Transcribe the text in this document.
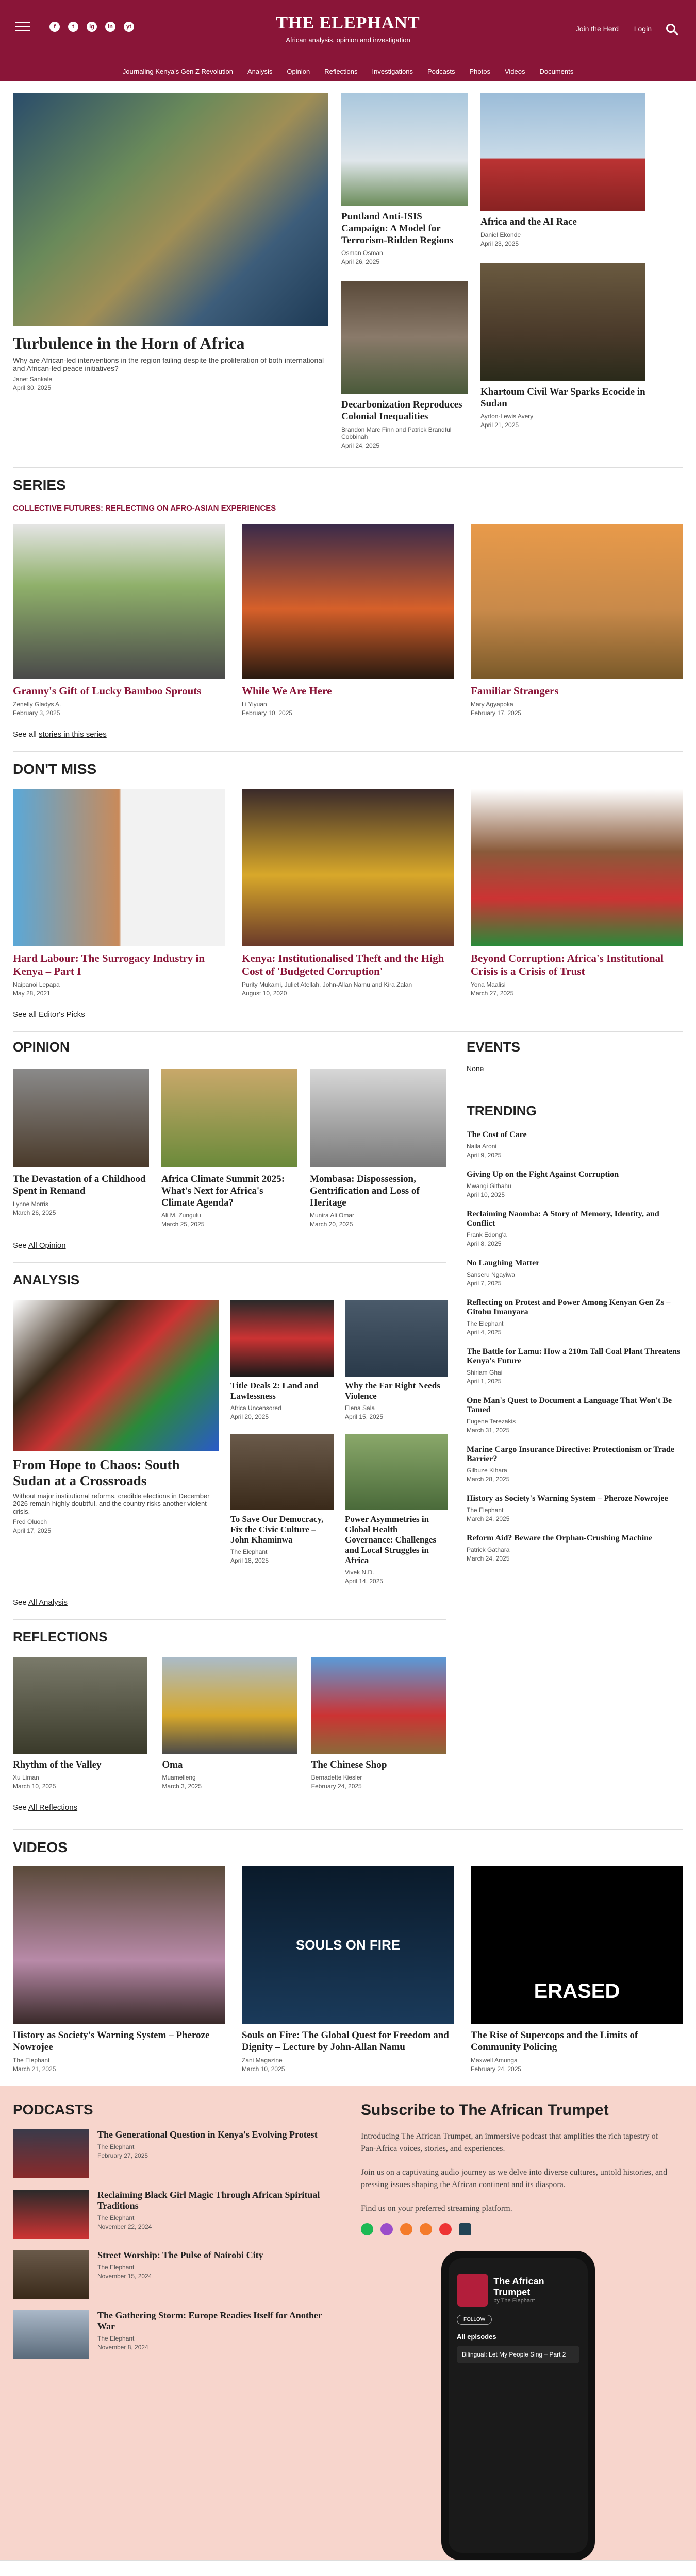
f	t	ig	in	yt	THE ELEPHANT
African analysis, opinion and investigation
Join the Herd Login
Journaling Kenya's Gen Z Revolution Analysis Opinion Reflections Investigations Podcasts Photos Videos Documents
Turbulence in the Horn of Africa
Why are African-led interventions in the region failing despite the proliferation of both international and African-led peace initiatives?
Janet Sankale
April 30, 2025
Puntland Anti-ISIS Campaign: A Model for Terrorism-Ridden Regions
Osman Osman
April 26, 2025
Decarbonization Reproduces Colonial Inequalities
Brandon Marc Finn and Patrick Brandful Cobbinah
April 24, 2025
Africa and the AI Race
Daniel Ekonde
April 23, 2025
Khartoum Civil War Sparks Ecocide in Sudan
Ayrton-Lewis Avery
April 21, 2025
SERIES
COLLECTIVE FUTURES: REFLECTING ON AFRO-ASIAN EXPERIENCES
Granny's Gift of Lucky Bamboo Sprouts
Zenelly Gladys A.
February 3, 2025
While We Are Here
Li Yiyuan
February 10, 2025
Familiar Strangers
Mary Agyapoka
February 17, 2025
See all stories in this series
DON'T MISS
Hard Labour: The Surrogacy Industry in Kenya – Part I
Naipanoi Lepapa
May 28, 2021
Kenya: Institutionalised Theft and the High Cost of 'Budgeted Corruption'
Purity Mukami, Juliet Atellah, John-Allan Namu and Kira Zalan
August 10, 2020
Beyond Corruption: Africa's Institutional Crisis is a Crisis of Trust
Yona Maalisi
March 27, 2025
See all Editor's Picks
OPINION
The Devastation of a Childhood Spent in Remand
Lynne Morris
March 26, 2025
Africa Climate Summit 2025: What's Next for Africa's Climate Agenda?
Ali M. Zungulu
March 25, 2025
Mombasa: Dispossession, Gentrification and Loss of Heritage
Munira Ali Omar
March 20, 2025
See All Opinion
ANALYSIS
From Hope to Chaos: South Sudan at a Crossroads
Without major institutional reforms, credible elections in December 2026 remain highly doubtful, and the country risks another violent crisis.
Fred Oluoch
April 17, 2025
Title Deals 2: Land and Lawlessness
Africa Uncensored
April 20, 2025
To Save Our Democracy, Fix the Civic Culture – John Khaminwa
The Elephant
April 18, 2025
Why the Far Right Needs Violence
Elena Sala
April 15, 2025
Power Asymmetries in Global Health Governance: Challenges and Local Struggles in Africa
Vivek N.D.
April 14, 2025
See All Analysis
REFLECTIONS
Rhythm of the Valley
Xu Liman
March 10, 2025
Oma
Muamelleng
March 3, 2025
The Chinese Shop
Bernadette Kiesler
February 24, 2025
See All Reflections
EVENTS
None
TRENDING
The Cost of Care
Naila Aroni
April 9, 2025
Giving Up on the Fight Against Corruption
Mwangi Githahu
April 10, 2025
Reclaiming Naomba: A Story of Memory, Identity, and Conflict
Frank Edong'a
April 8, 2025
No Laughing Matter
Sanseru Ngayiwa
April 7, 2025
Reflecting on Protest and Power Among Kenyan Gen Zs – Gitobu Imanyara
The Elephant
April 4, 2025
The Battle for Lamu: How a 210m Tall Coal Plant Threatens Kenya's Future
Shiriam Ghai
April 1, 2025
One Man's Quest to Document a Language That Won't Be Tamed
Eugene Terezakis
March 31, 2025
Marine Cargo Insurance Directive: Protectionism or Trade Barrier?
Gilbuze Kihara
March 28, 2025
History as Society's Warning System – Pheroze Nowrojee
The Elephant
March 24, 2025
Reform Aid? Beware the Orphan-Crushing Machine
Patrick Gathara
March 24, 2025
VIDEOS
History as Society's Warning System – Pheroze Nowrojee
The Elephant
March 21, 2025
SOULS ON FIRE
Souls on Fire: The Global Quest for Freedom and Dignity – Lecture by John-Allan Namu
Zani Magazine
March 10, 2025
ERASED
The Rise of Supercops and the Limits of Community Policing
Maxwell Amunga
February 24, 2025
PODCASTS
The Generational Question in Kenya's Evolving Protest
The Elephant
February 27, 2025
Reclaiming Black Girl Magic Through African Spiritual Traditions
The Elephant
November 22, 2024
Street Worship: The Pulse of Nairobi City
The Elephant
November 15, 2024
The Gathering Storm: Europe Readies Itself for Another War
The Elephant
November 8, 2024
Subscribe to The African Trumpet

Introducing The African Trumpet, an immersive podcast that amplifies the rich tapestry of Pan-Africa voices, stories, and experiences.

Join us on a captivating audio journey as we delve into diverse cultures, untold histories, and pressing issues shaping the African continent and its diaspora.

Find us on your preferred streaming platform.

The African Trumpet
by The Elephant
FOLLOW
All episodes
Bilingual: Let My People Sing – Part 2
